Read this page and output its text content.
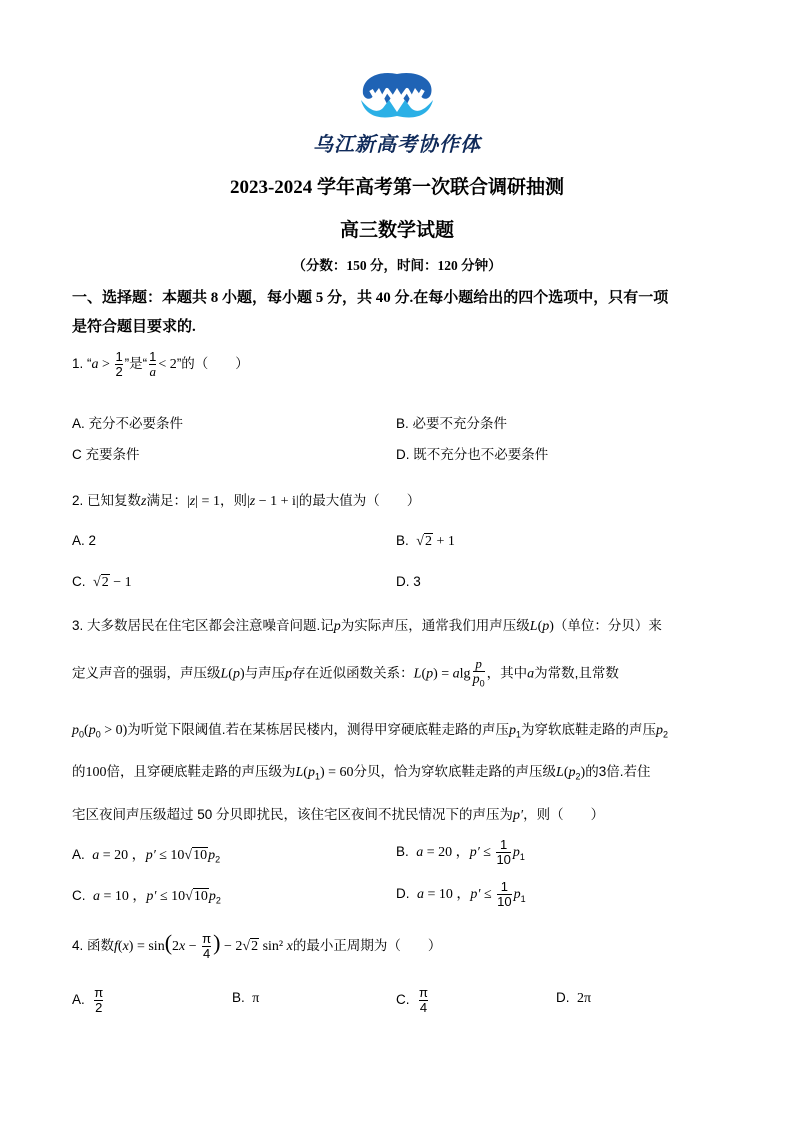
乌江新高考协作体
2023-2024 学年高考第一次联合调研抽测
高三数学试题
（分数：150 分，时间：120 分钟）
一、选择题：本题共 8 小题，每小题 5 分，共 40 分.在每小题给出的四个选项中，只有一项
是符合题目要求的.
1. “$a > \frac{1}{2}$ ”是“ $\frac{1}{a} < 2$”的（　　）
A. 充分不必要条件	B. 必要不充分条件
C 充要条件	D. 既不充分也不必要条件
2. 已知复数z满足：|z| = 1，则|z − 1 + i|的最大值为（　　）
A. 2	B. √2 + 1
C. √2 − 1	D. 3
3. 大多数居民在住宅区都会注意噪音问题.记p为实际声压，通常我们用声压级L(p)（单位：分贝）来
定义声音的强弱，声压级L(p)与声压p存在近似函数关系：L(p) = alg $\frac{p}{p_0}$ ，其中a为常数,且常数
$p_0(p_0 > 0)$为听觉下限阈值.若在某栋居民楼内，测得甲穿硬底鞋走路的声压$p_1$为穿软底鞋走路的声压$p_2$
的100倍，且穿硬底鞋走路的声压级为$L(p_1) = 60$分贝，恰为穿软底鞋走路的声压级$L(p_2)$的3倍.若住
宅区夜间声压级超过 50 分贝即扰民，该住宅区夜间不扰民情况下的声压为p′，则（　　）
A. a = 20 ，$p' \le 10√10p_2$
B. a = 20 ，$p' \le \frac{1}{10} p_1$
C. a = 10 ，$p' \le 10√10p_2$	D. a = 10 ，$p' \le \frac{1}{10} p_1$
4. 函数$f(x) = \sin(2x - \frac{\pi}{4}$ ) − 2√2 sin² x的最小正周期为（　　）
A. $\frac{\pi}{2}$	B. π	C. $\frac{\pi}{4}$	D. 2π
